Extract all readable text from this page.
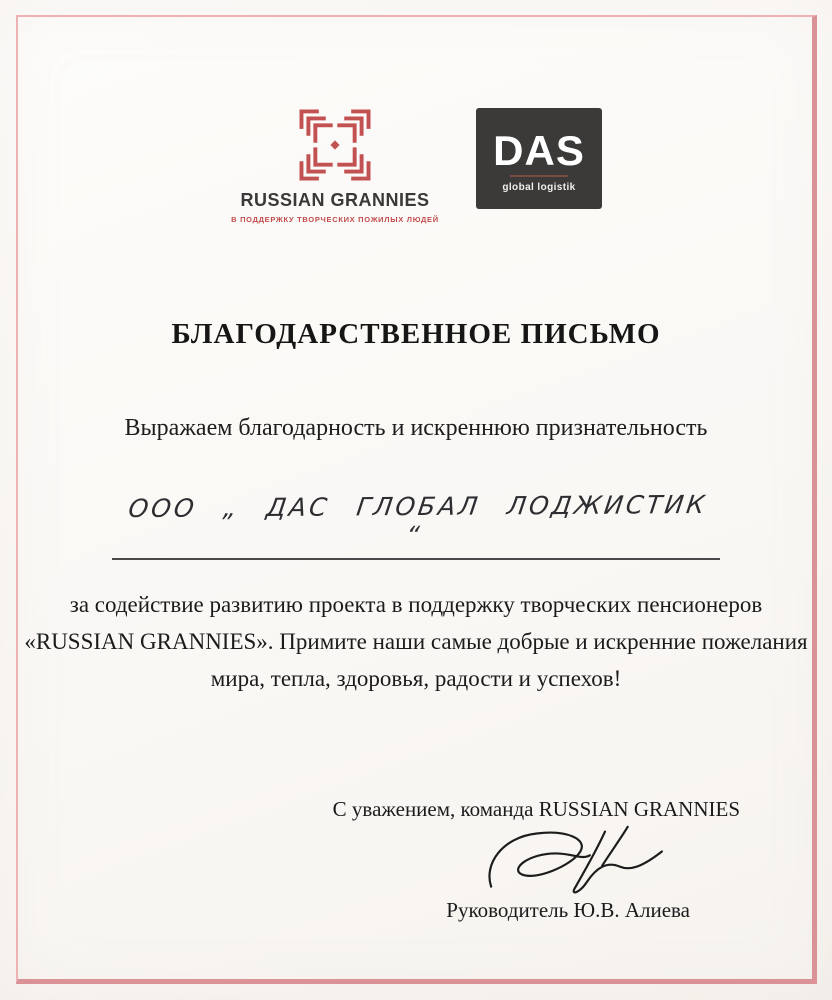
RUSSIAN GRANNIES
В ПОДДЕРЖКУ ТВОРЧЕСКИХ ПОЖИЛЫХ ЛЮДЕЙ
DAS
global logistik
БЛАГОДАРСТВЕННОЕ ПИСЬМО
Выражаем благодарность и искреннюю признательность
ООО „ ДАС ГЛОБАЛ ЛОДЖИСТИК “
за содействие развитию проекта в поддержку творческих пенсионеров
«RUSSIAN GRANNIES». Примите наши самые добрые и искренние пожелания
мира, тепла, здоровья, радости и успехов!
С уважением, команда RUSSIAN GRANNIES
Руководитель Ю.В. Алиева
